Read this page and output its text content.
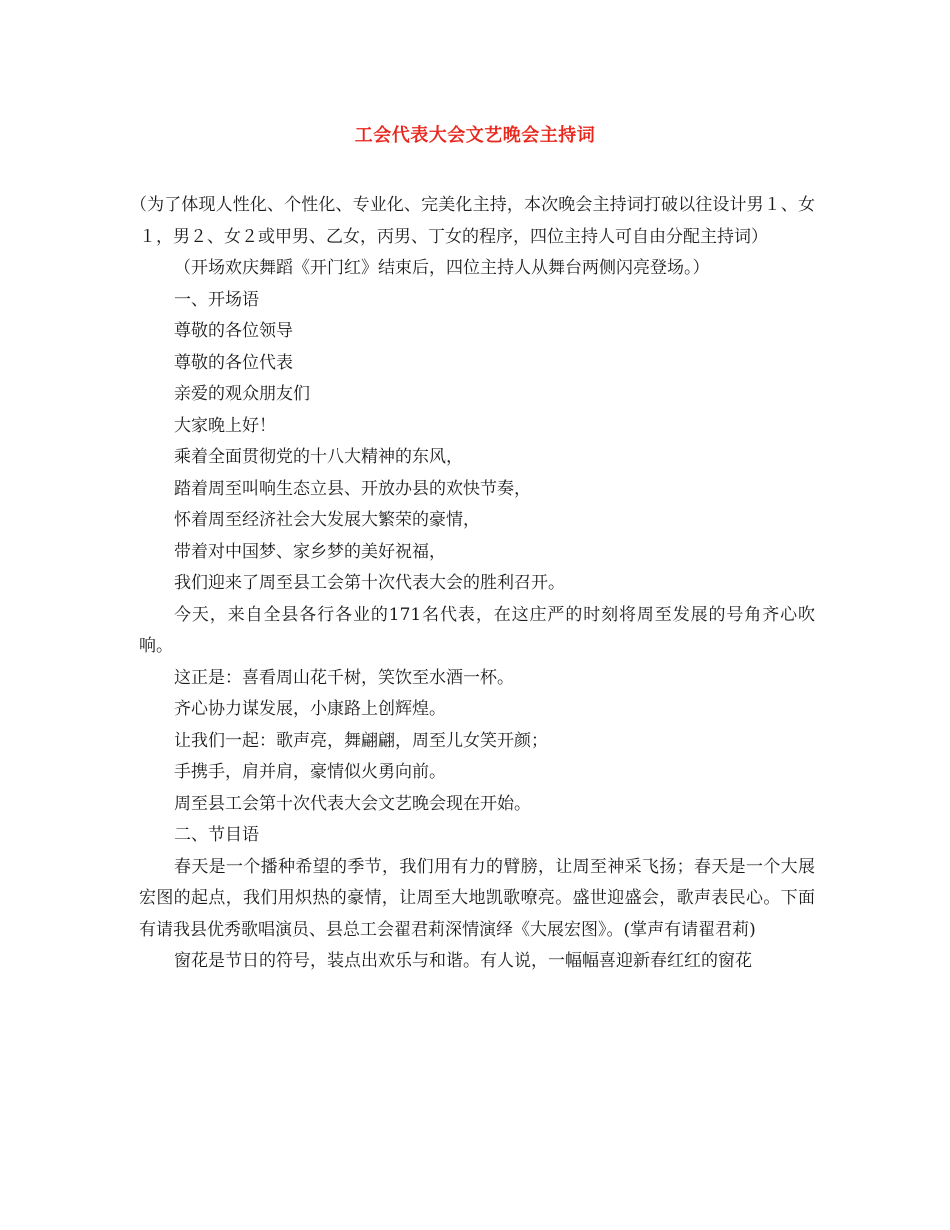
工会代表大会文艺晚会主持词

（为了体现人性化、个性化、专业化、完美化主持，本次晚会主持词打破以往设计男１、女１，男２、女２或甲男、乙女，丙男、丁女的程序，四位主持人可自由分配主持词）

（开场欢庆舞蹈《开门红》结束后，四位主持人从舞台两侧闪亮登场。）

一、开场语

尊敬的各位领导

尊敬的各位代表

亲爱的观众朋友们

大家晚上好！

乘着全面贯彻党的十八大精神的东风，

踏着周至叫响生态立县、开放办县的欢快节奏，

怀着周至经济社会大发展大繁荣的豪情，

带着对中国梦、家乡梦的美好祝福，

我们迎来了周至县工会第十次代表大会的胜利召开。

今天，来自全县各行各业的171名代表，在这庄严的时刻将周至发展的号角齐心吹响。

这正是：喜看周山花千树，笑饮至水酒一杯。

齐心协力谋发展，小康路上创辉煌。

让我们一起：歌声亮，舞翩翩，周至儿女笑开颜；

手携手，肩并肩，豪情似火勇向前。

周至县工会第十次代表大会文艺晚会现在开始。

二、节目语

春天是一个播种希望的季节，我们用有力的臂膀，让周至神采飞扬；春天是一个大展宏图的起点，我们用炽热的豪情，让周至大地凯歌嘹亮。盛世迎盛会，歌声表民心。下面有请我县优秀歌唱演员、县总工会翟君莉深情演绎《大展宏图》。(掌声有请翟君莉)

窗花是节日的符号，装点出欢乐与和谐。有人说，一幅幅喜迎新春红红的窗花
